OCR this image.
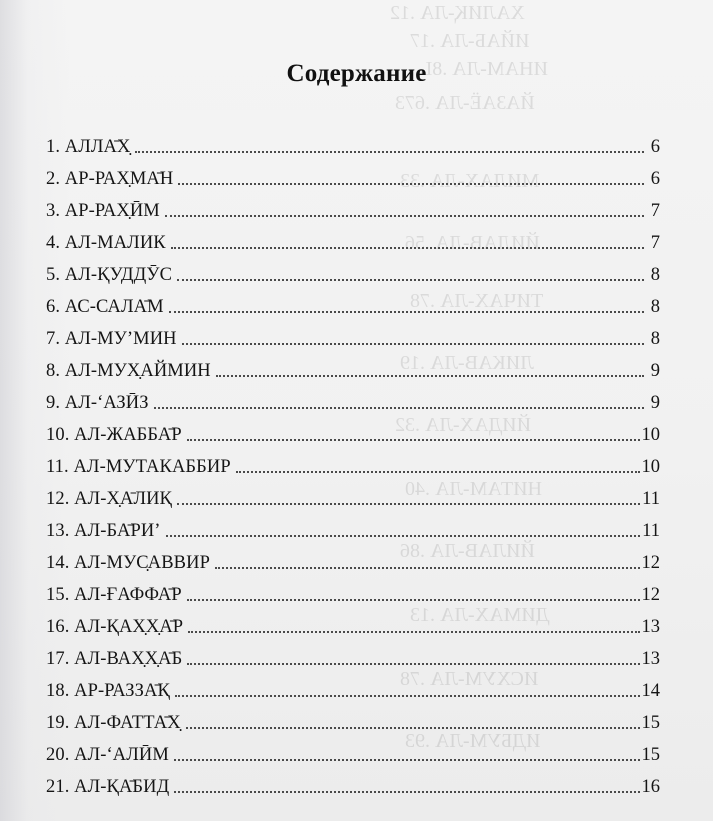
ХАЛИҚ-ЛА .12
ИЙАБ-ЛА .17
ИНАМ-ЛА .8L
ЙАЗАЁ-ЛА .673
МИЛАХ-ЛА .33
ЙИЛАВ-ЛА .56
ТИЧАХ-ЛА .78
ЛИКАВ-ЛА .19
ЙИДАХ-ЛА .32
НИТАМ-ЛА .40
ЙИЛАВ-ЛА .86
ДИМАХ-ЛА .13
ИСХУМ-ЛА .78
ИДБУМ-ЛА .93
Содержание
1. АЛЛА̄Х̣	6
2. АР-РАХ̣МА̄Н	6
3. АР-РАХ̣ӢМ	7
4. АЛ-МАЛИК	7
5. АЛ-ҚУДДӮС	8
6. АС-САЛА̄М	8
7. АЛ-МУ’МИН	8
8. АЛ-МУХ̣АЙМИН	9
9. АЛ-‘АЗӢЗ	9
10. АЛ-ЖАББА̄Р	10
11. АЛ-МУТАКАББИР	10
12. АЛ-Х̣А̄ЛИҚ	11
13. АЛ-БА̄РИ’	11
14. АЛ-МУС̣АВВИР	12
15. АЛ-ҒАФФА̄Р	12
16. АЛ-ҚАХ̣Х̣А̄Р	13
17. АЛ-ВАХ̣Х̣А̄Б	13
18. АР-РАЗЗА̄Қ	14
19. АЛ-ФАТТА̄Х̣	15
20. АЛ-‘АЛӢМ	15
21. АЛ-ҚА̄БИД	16
